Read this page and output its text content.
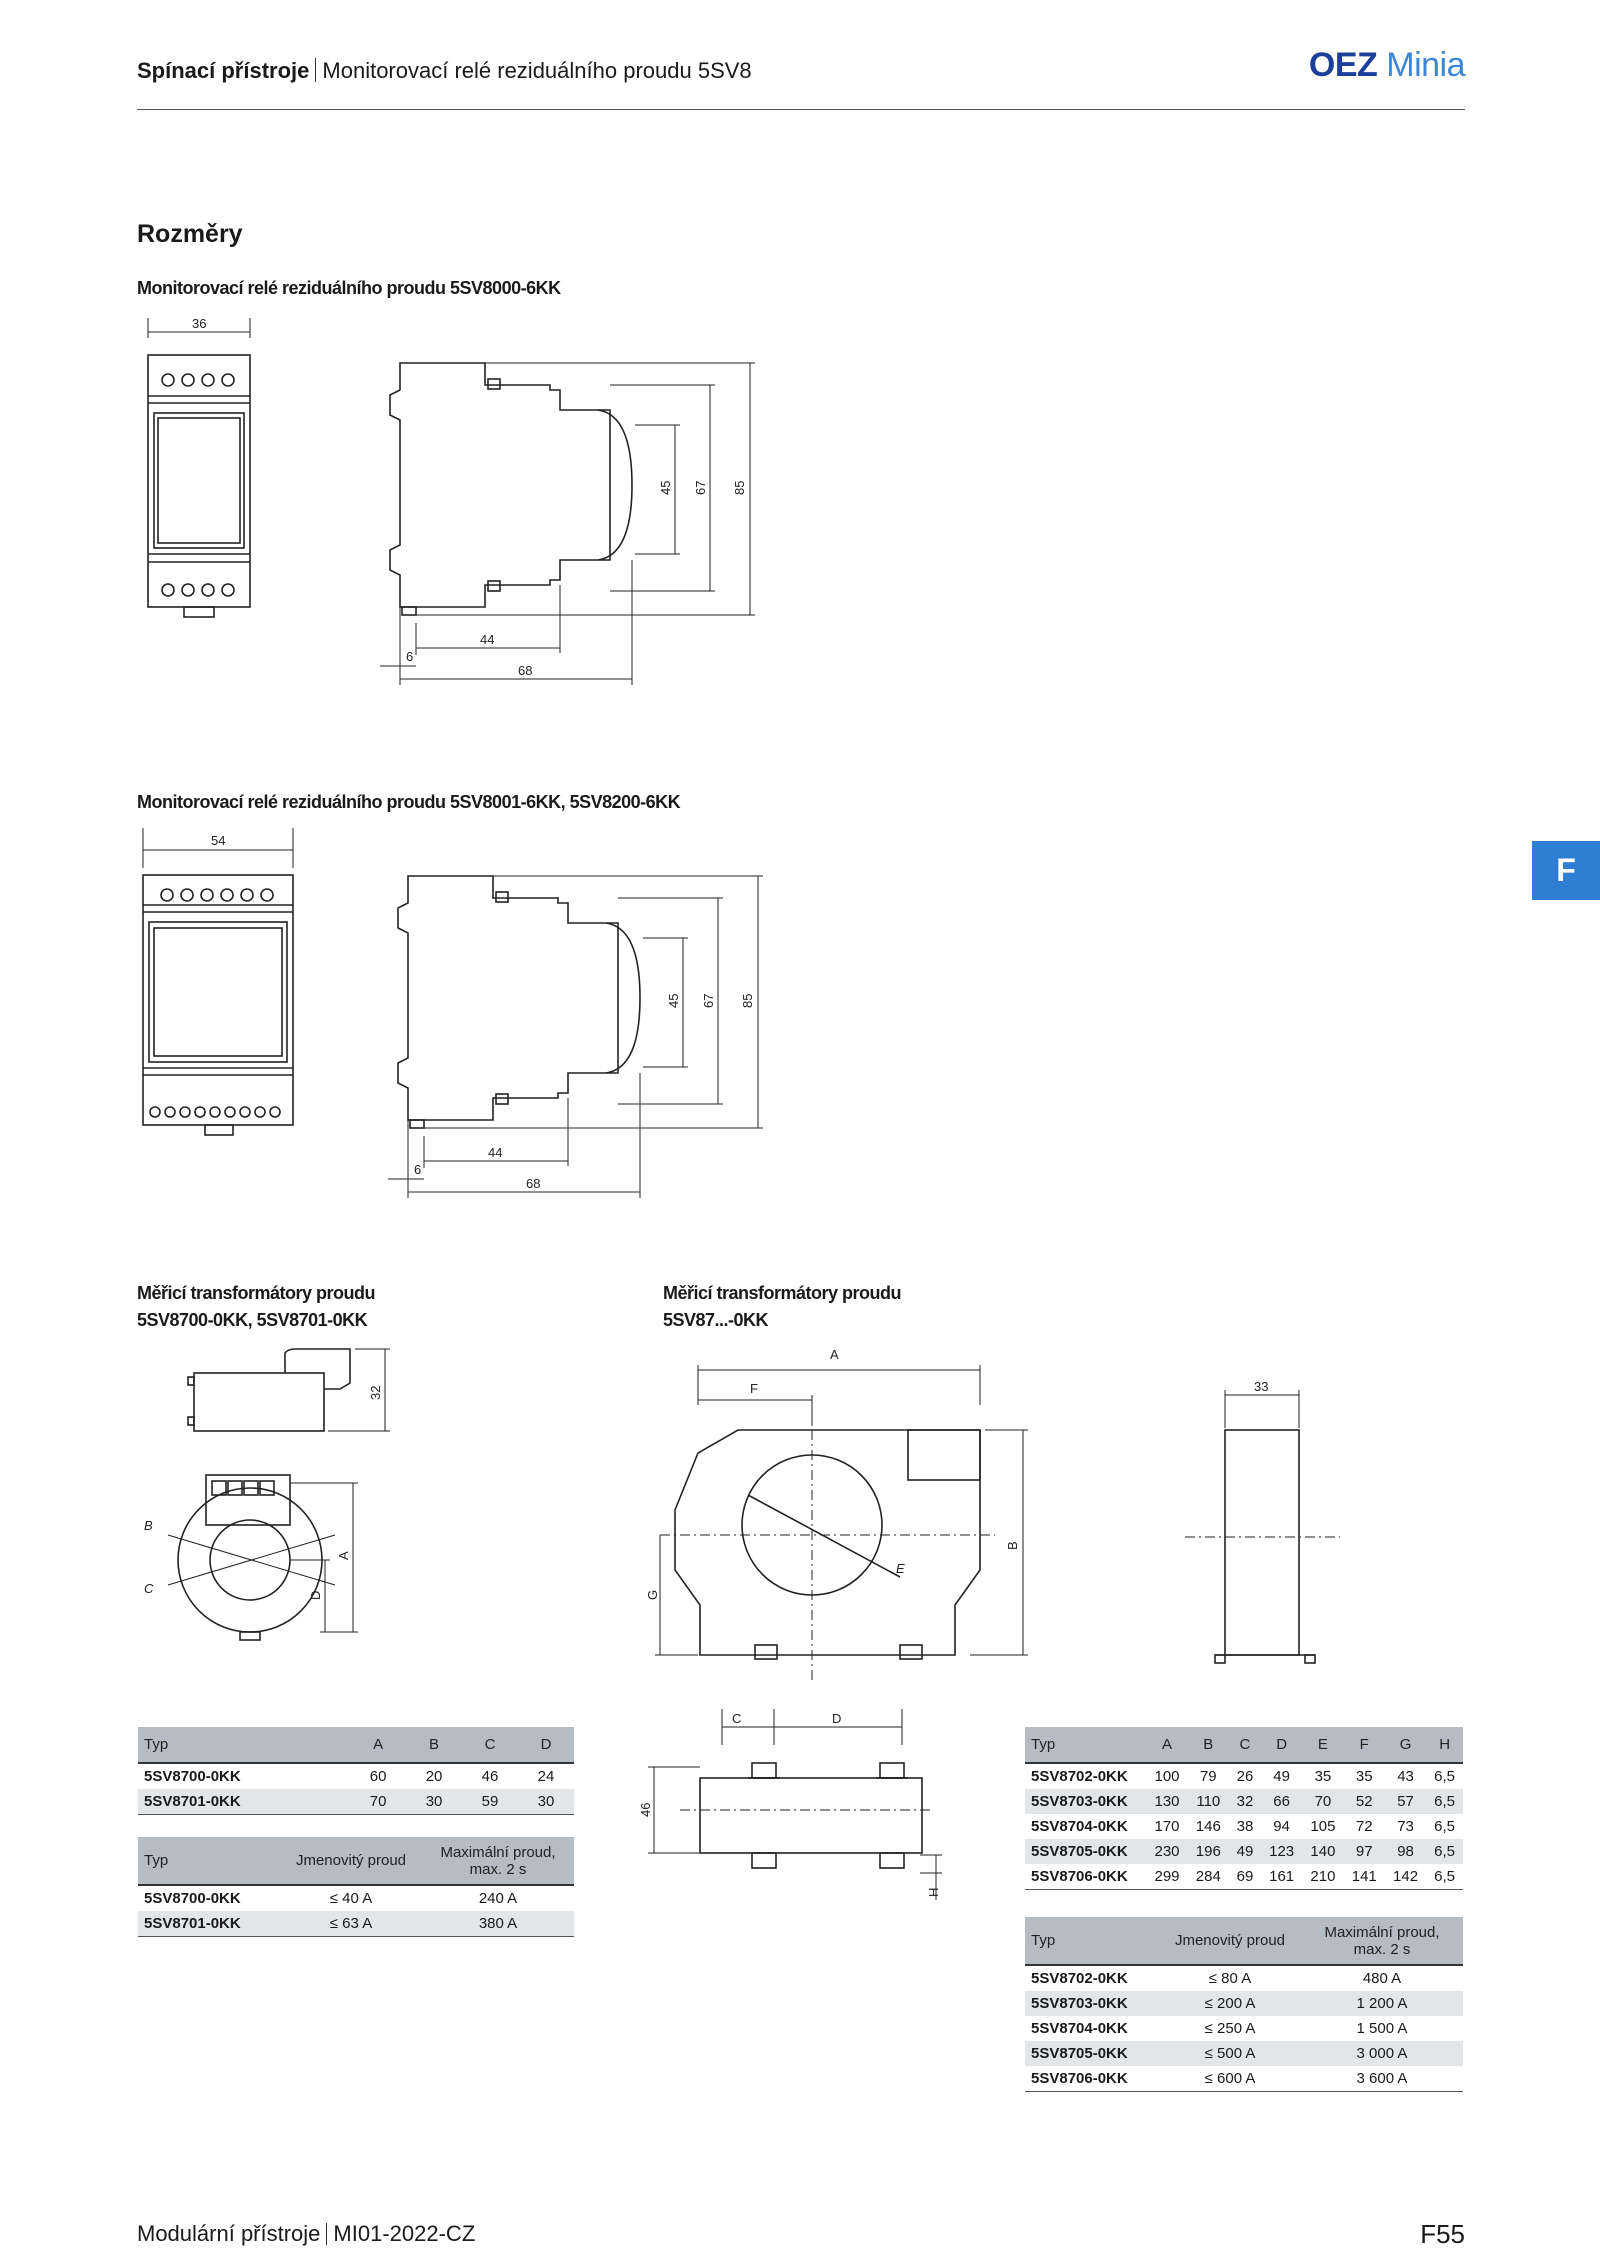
Spínací přístroje Monitorovací relé reziduálního proudu 5SV8	OEZ Minia
F
Rozměry
Monitorovací relé reziduálního proudu 5SV8000-6KK
36
45 67 85
44
6
68
Monitorovací relé reziduálního proudu 5SV8001-6KK, 5SV8200-6KK
54
45 67 85
44
6
68
Měřicí transformátory proudu
5SV8700-0KK, 5SV8701-0KK
32
B
C
A
D
Měřicí transformátory proudu
5SV87...-0KK
A
F
B
G
E
33
C	D
46
H
Typ	A	B	C	D
5SV8700-0KK	60	20	46	24
5SV8701-0KK	70	30	59	30
Typ	Jmenovitý proud	Maximální proud, max. 2 s
5SV8700-0KK	≤ 40 A	240 A
5SV8701-0KK	≤ 63 A	380 A
Typ	A	B	C	D	E	F	G	H
5SV8702-0KK	100	79	26	49	35	35	43	6,5
5SV8703-0KK	130	110	32	66	70	52	57	6,5
5SV8704-0KK	170	146	38	94	105	72	73	6,5
5SV8705-0KK	230	196	49	123	140	97	98	6,5
5SV8706-0KK	299	284	69	161	210	141	142	6,5
Typ	Jmenovitý proud	Maximální proud, max. 2 s
5SV8702-0KK	≤ 80 A	480 A
5SV8703-0KK	≤ 200 A	1 200 A
5SV8704-0KK	≤ 250 A	1 500 A
5SV8705-0KK	≤ 500 A	3 000 A
5SV8706-0KK	≤ 600 A	3 600 A
Modulární přístroje MI01-2022-CZ	F55
